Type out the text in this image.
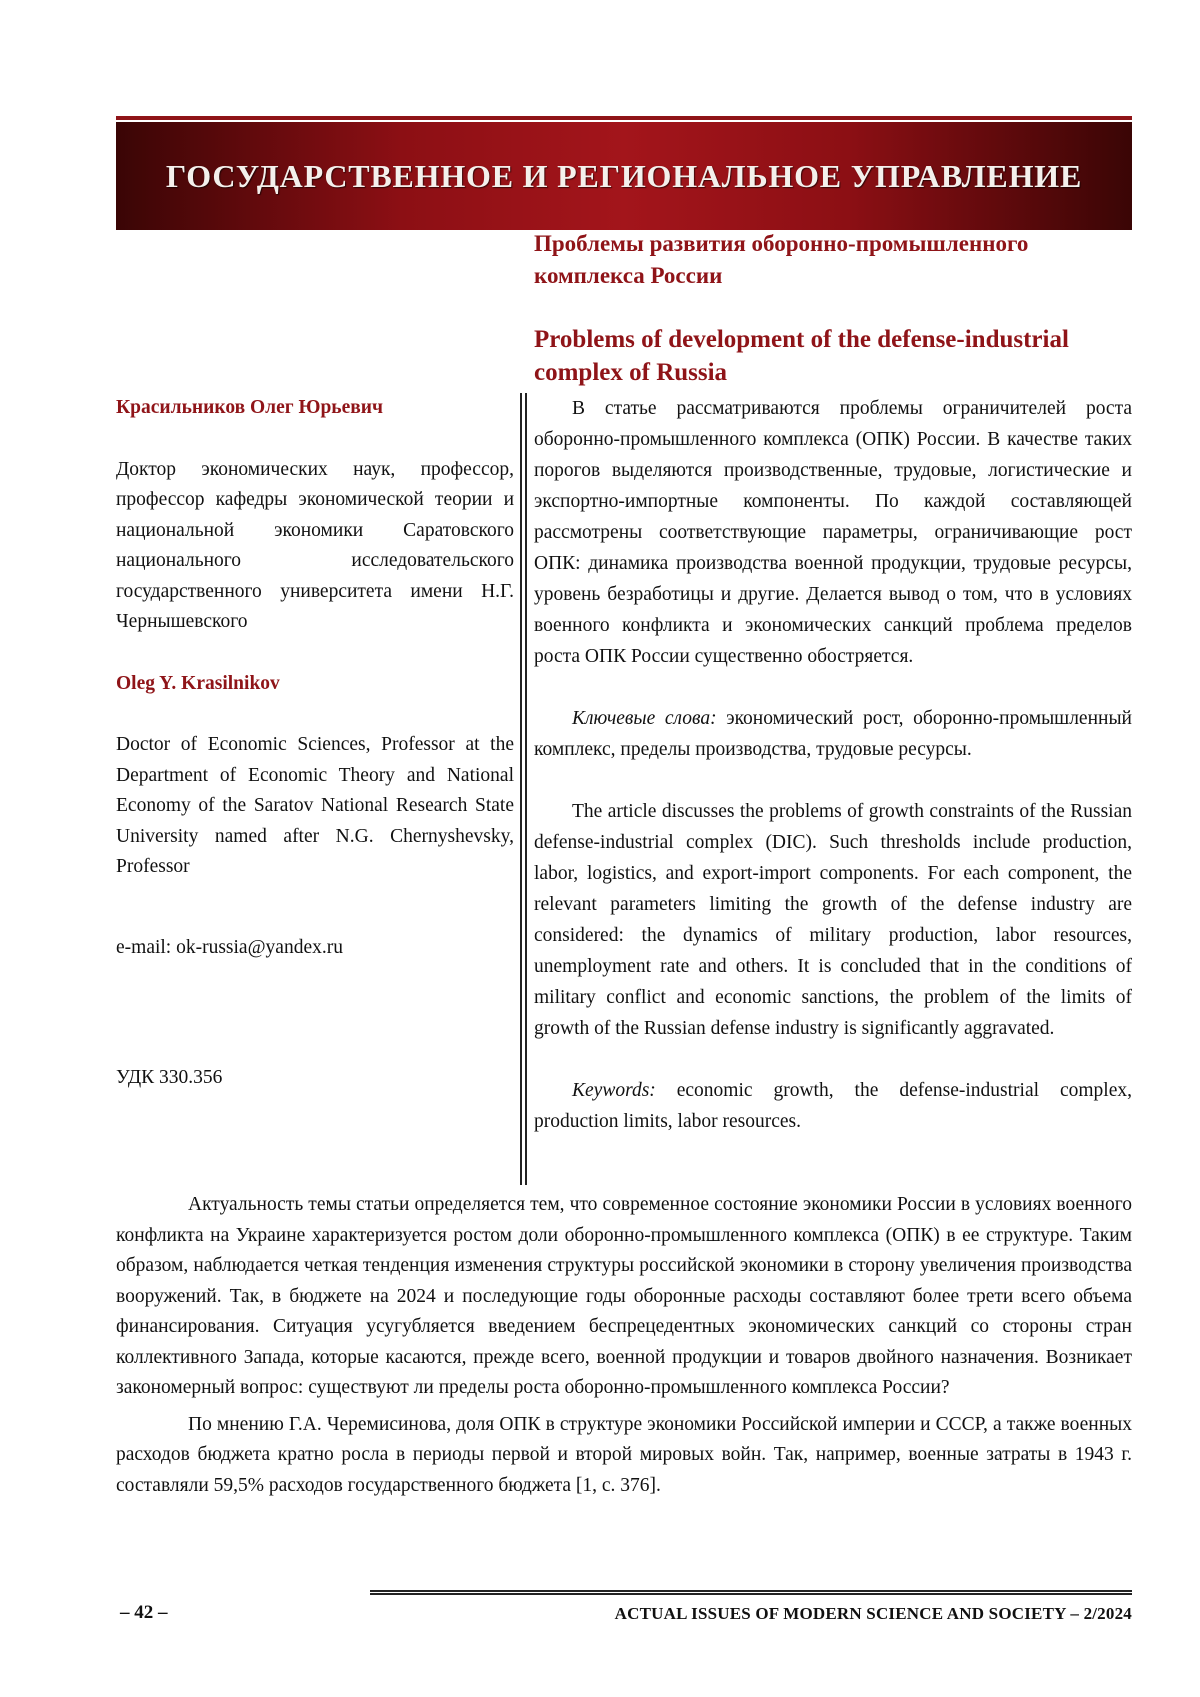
ГОСУДАРСТВЕННОЕ И РЕГИОНАЛЬНОЕ УПРАВЛЕНИЕ
Проблемы развития оборонно-промышленного комплекса России
Problems of development of the defense-industrial complex of Russia

Красильников Олег Юрьевич

Доктор экономических наук, профессор, профессор кафедры экономической теории и национальной экономики Саратовского национального исследовательского государственного университета имени Н.Г. Чернышевского

Oleg Y. Krasilnikov

Doctor of Economic Sciences, Professor at the Department of Economic Theory and National Economy of the Saratov National Research State University named after N.G. Chernyshevsky, Professor

e-mail: ok-russia@yandex.ru

УДК 330.356

В статье рассматриваются проблемы ограничителей роста оборонно-промышленного комплекса (ОПК) России. В качестве таких порогов выделяются производственные, трудовые, логистические и экспортно-импортные компоненты. По каждой составляющей рассмотрены соответствующие параметры, ограничивающие рост ОПК: динамика производства военной продукции, трудовые ресурсы, уровень безработицы и другие. Делается вывод о том, что в условиях военного конфликта и экономических санкций проблема пределов роста ОПК России существенно обостряется.

Ключевые слова: экономический рост, оборонно-промышленный комплекс, пределы производства, трудовые ресурсы.

The article discusses the problems of growth constraints of the Russian defense-industrial complex (DIC). Such thresholds include production, labor, logistics, and export-import components. For each component, the relevant parameters limiting the growth of the defense industry are considered: the dynamics of military production, labor resources, unemployment rate and others. It is concluded that in the conditions of military conflict and economic sanctions, the problem of the limits of growth of the Russian defense industry is significantly aggravated.

Keywords: economic growth, the defense-industrial complex, production limits, labor resources.

Актуальность темы статьи определяется тем, что современное состояние экономики России в условиях военного конфликта на Украине характеризуется ростом доли оборонно-промышленного комплекса (ОПК) в ее структуре. Таким образом, наблюдается четкая тенденция изменения структуры российской экономики в сторону увеличения производства вооружений. Так, в бюджете на 2024 и последующие годы оборонные расходы составляют более трети всего объема финансирования. Ситуация усугубляется введением беспрецедентных экономических санкций со стороны стран коллективного Запада, которые касаются, прежде всего, военной продукции и товаров двойного назначения. Возникает закономерный вопрос: существуют ли пределы роста оборонно-промышленного комплекса России?

По мнению Г.А. Черемисинова, доля ОПК в структуре экономики Российской империи и СССР, а также военных расходов бюджета кратно росла в периоды первой и второй мировых войн. Так, например, военные затраты в 1943 г. составляли 59,5% расходов государственного бюджета [1, с. 376].

– 42 –	ACTUAL ISSUES OF MODERN SCIENCE AND SOCIETY – 2/2024
